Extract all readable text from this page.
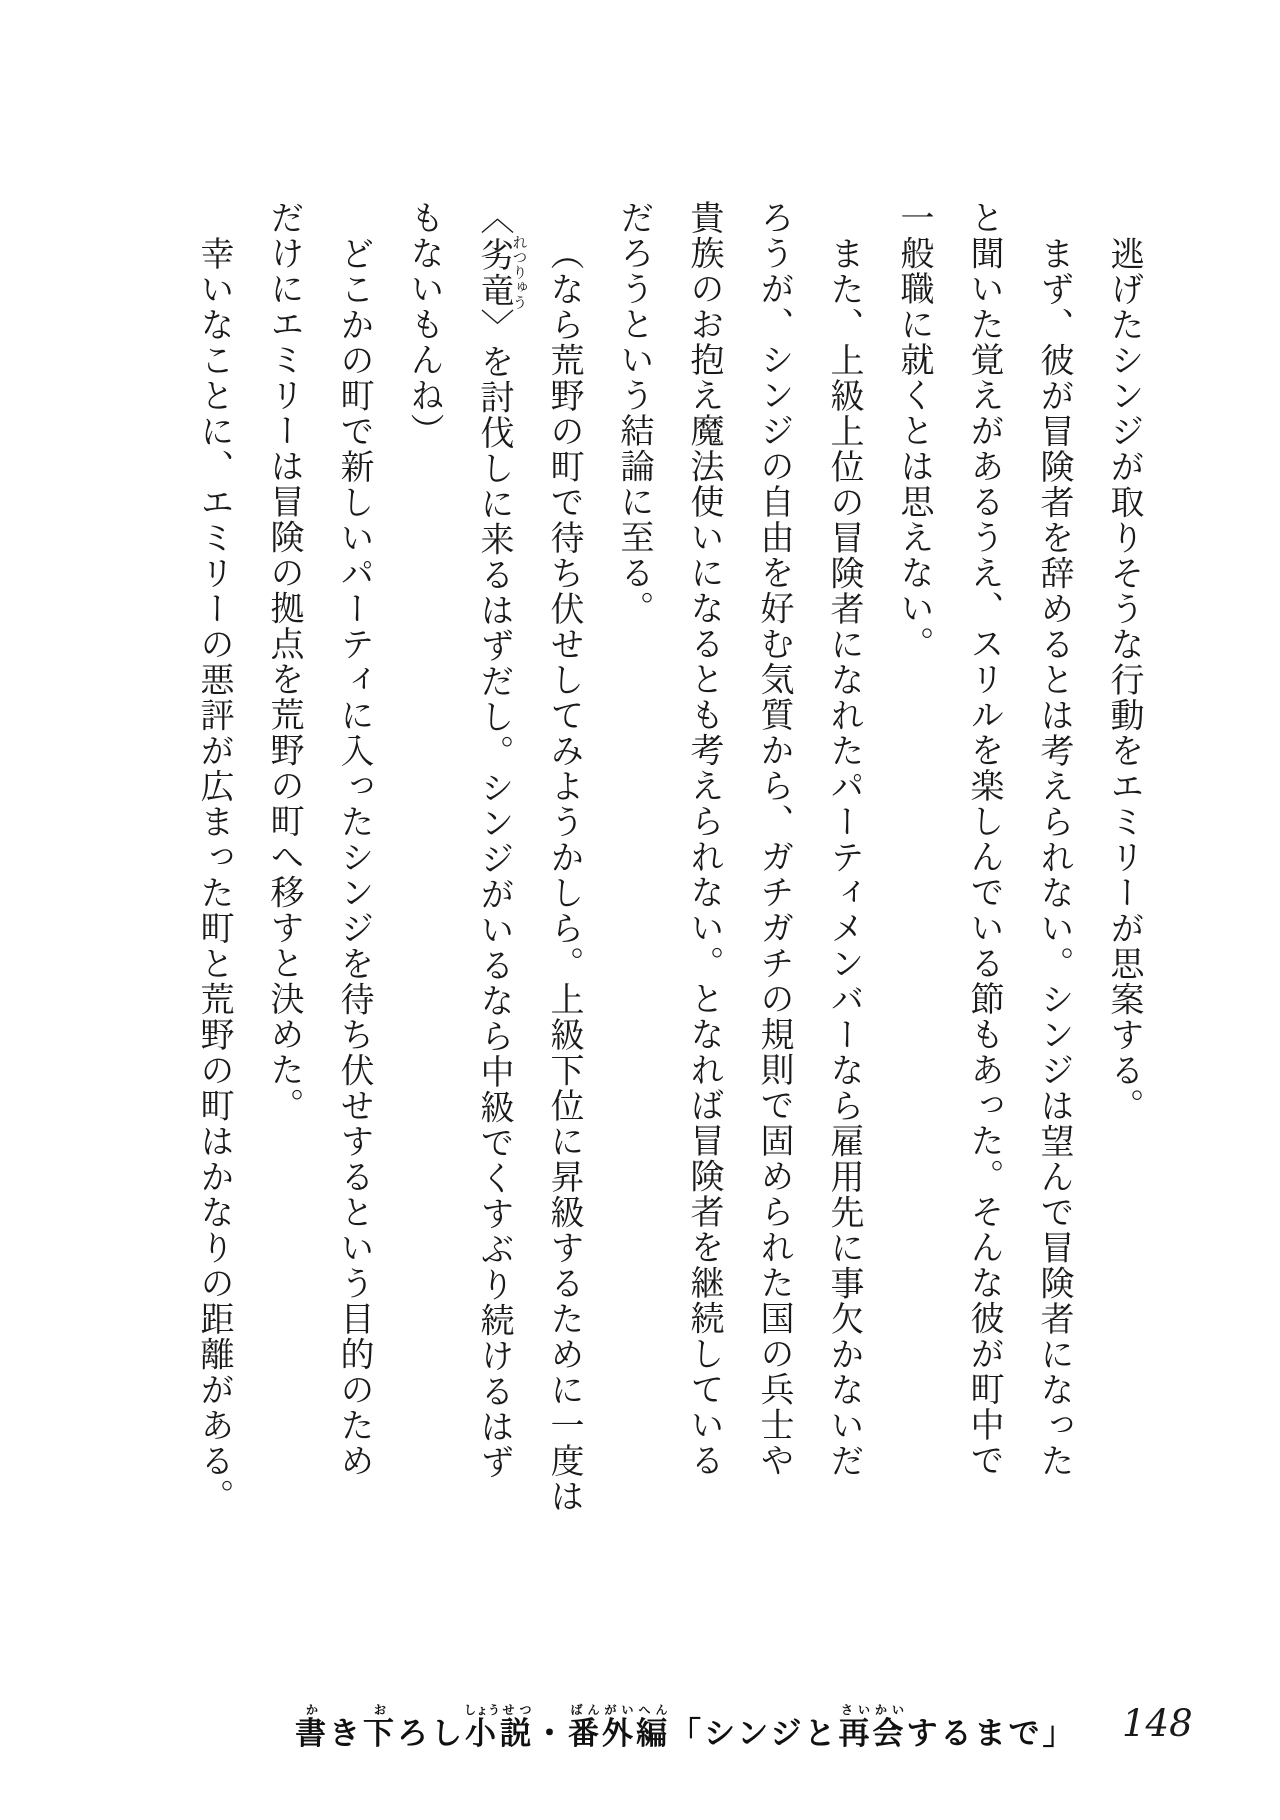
逃げたシンジが取りそうな行動をエミリーが思案する。

まず、彼が冒険者を辞めるとは考えられない。シンジは望んで冒険者になった

と聞いた覚えがあるうえ、スリルを楽しんでいる節もあった。そんな彼が町中で

一般職に就くとは思えない。

また、上級上位の冒険者になれたパーティメンバーなら雇用先に事欠かないだ

ろうが、シンジの自由を好む気質から、ガチガチの規則で固められた国の兵士や

貴族のお抱え魔法使いになるとも考えられない。となれば冒険者を継続している

だろうという結論に至る。

（なら荒野の町で待ち伏せしてみようかしら。上級下位に昇級するために一度は

〈劣竜れつりゅう〉を討伐しに来るはずだし。シンジがいるなら中級でくすぶり続けるはず

もないもんね）

どこかの町で新しいパーティに入ったシンジを待ち伏せするという目的のため

だけにエミリーは冒険の拠点を荒野の町へ移すと決めた。

幸いなことに、エミリーの悪評が広まった町と荒野の町はかなりの距離がある。

書かき下おろし小しょう説せつ・番ばん外がい編へん「シンジと再さい会かいするまで」 148
